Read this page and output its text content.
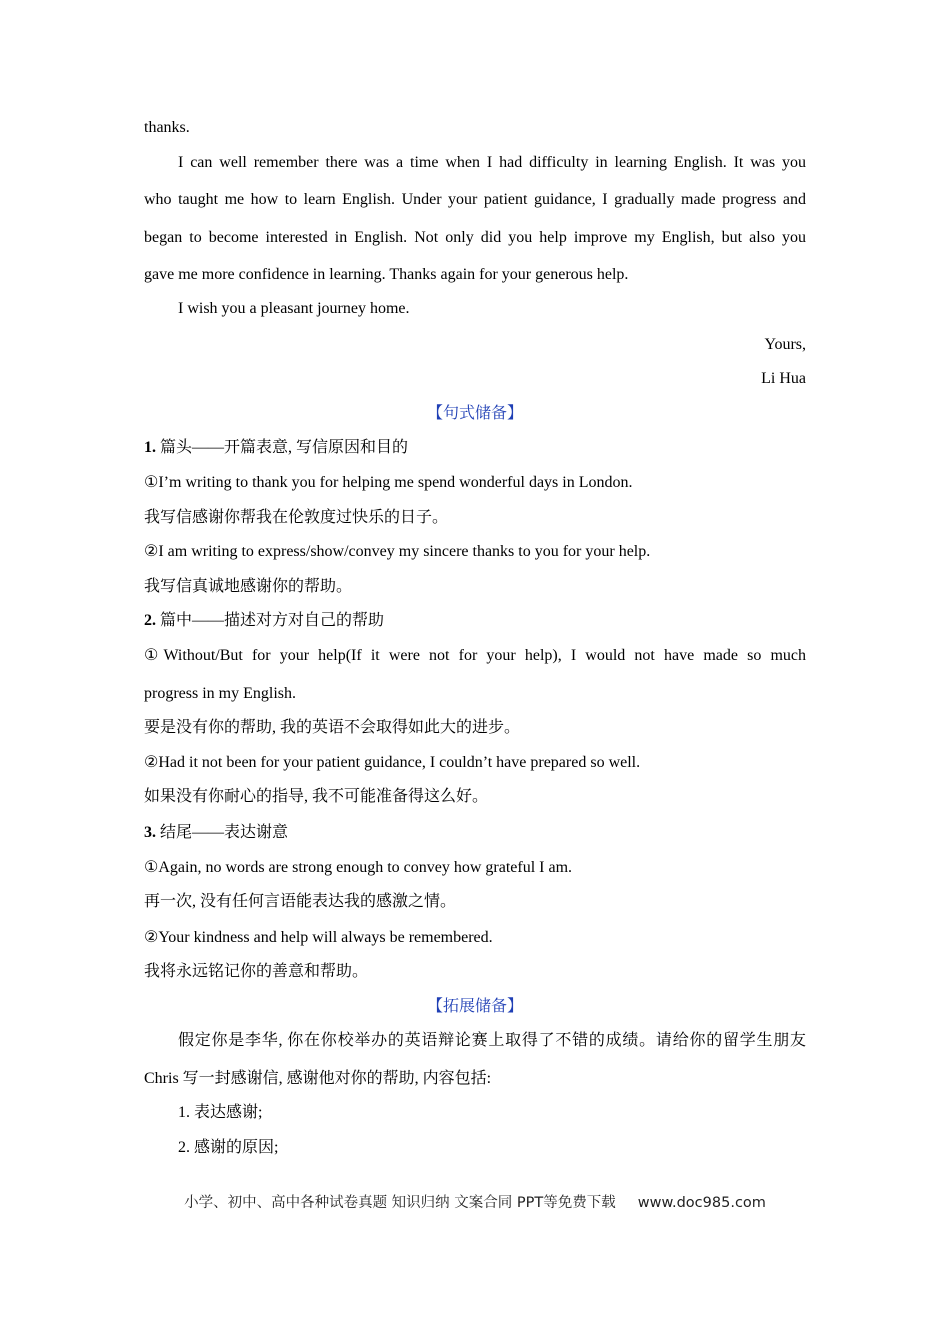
thanks.
I can well remember there was a time when I had difficulty in learning English. It was you
who taught me how to learn English. Under your patient guidance, I gradually made progress and
began to become interested in English. Not only did you help improve my English, but also you
gave me more confidence in learning. Thanks again for your generous help.
I wish you a pleasant journey home.
Yours,
Li Hua
【句式储备】
1. 篇头——开篇表意, 写信原因和目的
①I’m writing to thank you for helping me spend wonderful days in London.
我写信感谢你帮我在伦敦度过快乐的日子。
②I am writing to express/show/convey my sincere thanks to you for your help.
我写信真诚地感谢你的帮助。
2. 篇中——描述对方对自己的帮助
①Without/But for your help(If it were not for your help), I would not have made so much
progress in my English.
要是没有你的帮助, 我的英语不会取得如此大的进步。
②Had it not been for your patient guidance, I couldn’t have prepared so well.
如果没有你耐心的指导, 我不可能准备得这么好。
3. 结尾——表达谢意
①Again, no words are strong enough to convey how grateful I am.
再一次, 没有任何言语能表达我的感激之情。
②Your kindness and help will always be remembered.
我将永远铭记你的善意和帮助。
【拓展储备】
假定你是李华, 你在你校举办的英语辩论赛上取得了不错的成绩。请给你的留学生朋友
Chris 写一封感谢信, 感谢他对你的帮助, 内容包括:
1. 表达感谢;
2. 感谢的原因;
小学、初中、高中各种试卷真题 知识归纳 文案合同 PPT等免费下载 www.doc985.com
